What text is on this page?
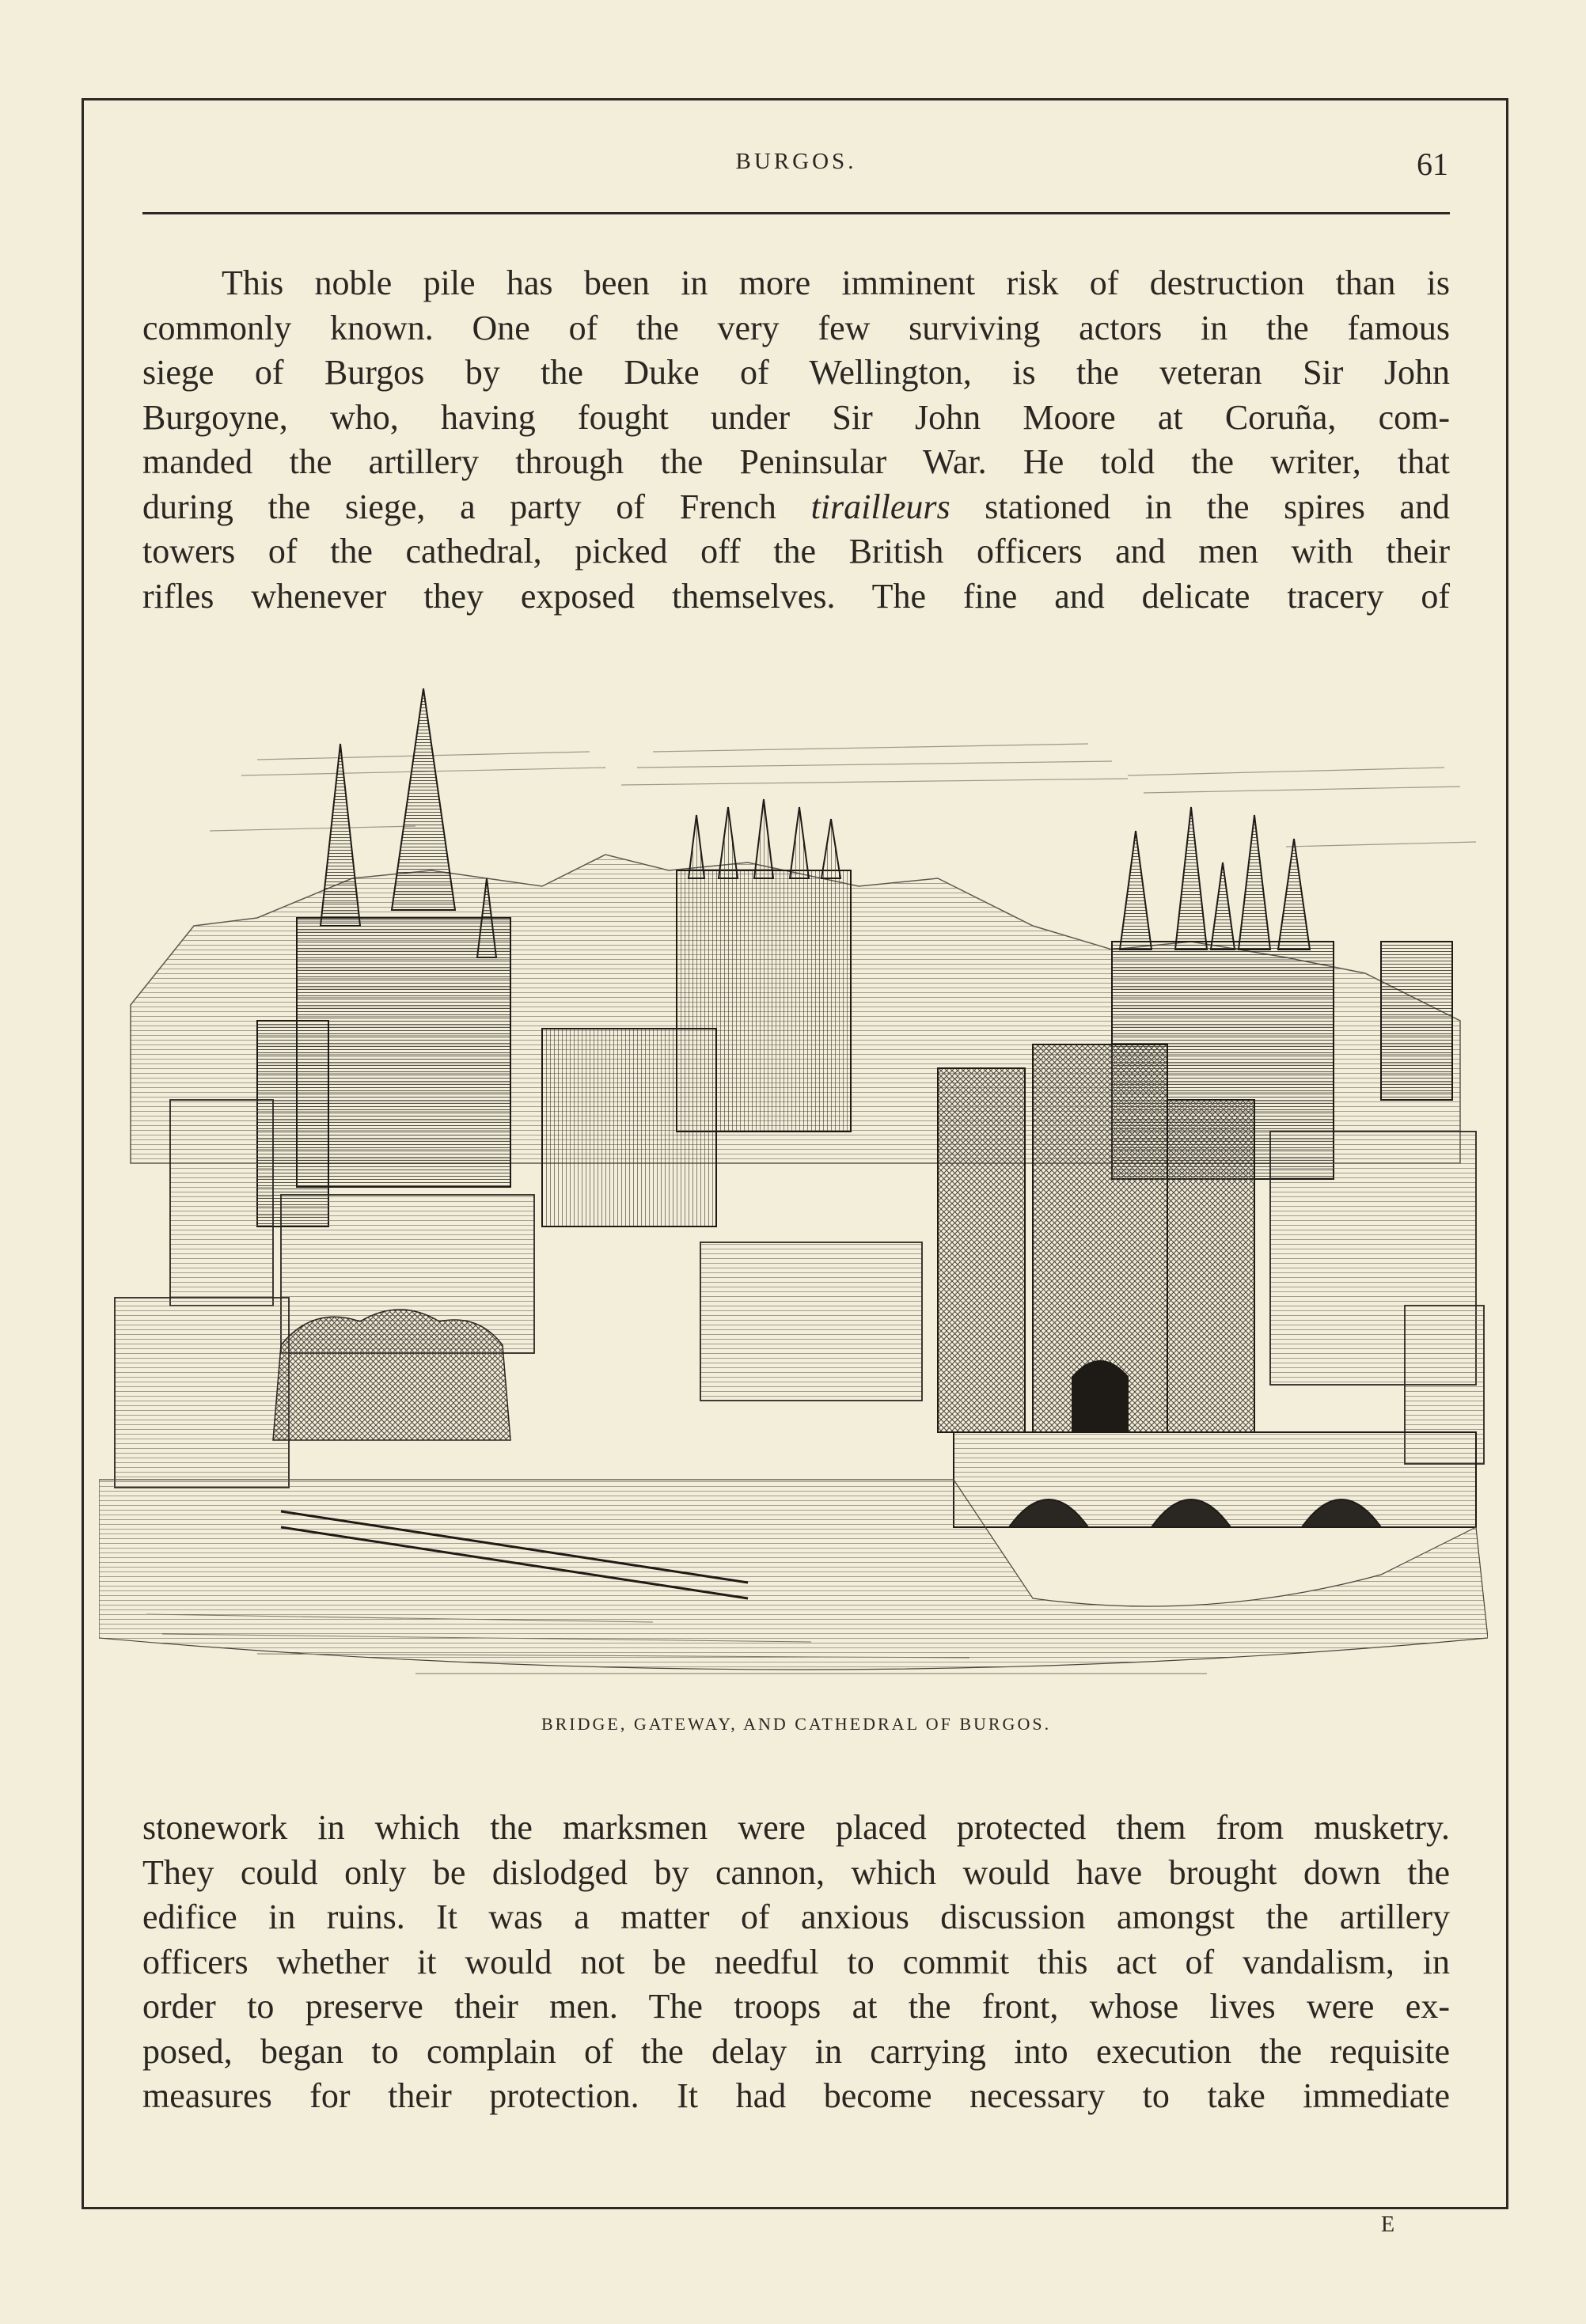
BURGOS.	61
This noble pile has been in more imminent risk of destruction than is
commonly known. One of the very few surviving actors in the famous
siege of Burgos by the Duke of Wellington, is the veteran Sir John
Burgoyne, who, having fought under Sir John Moore at Coruña, com-
manded the artillery through the Peninsular War. He told the writer, that
during the siege, a party of French tirailleurs stationed in the spires and
towers of the cathedral, picked off the British officers and men with their
rifles whenever they exposed themselves. The fine and delicate tracery of
BRIDGE, GATEWAY, AND CATHEDRAL OF BURGOS.
stonework in which the marksmen were placed protected them from musketry.
They could only be dislodged by cannon, which would have brought down the
edifice in ruins. It was a matter of anxious discussion amongst the artillery
officers whether it would not be needful to commit this act of vandalism, in
order to preserve their men. The troops at the front, whose lives were ex-
posed, began to complain of the delay in carrying into execution the requisite
measures for their protection. It had become necessary to take immediate
E
